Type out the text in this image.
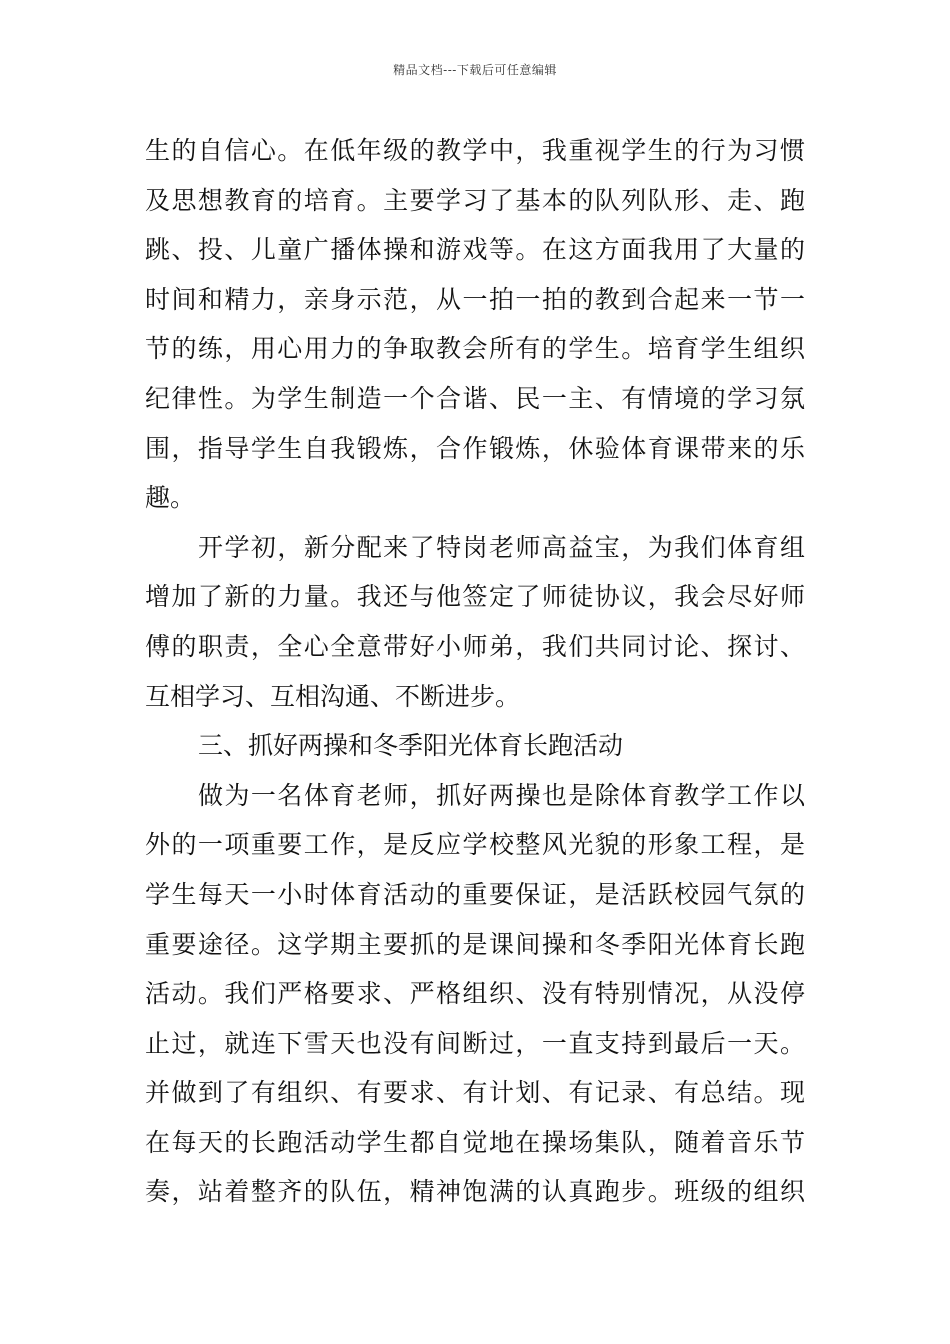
精品文档---下载后可任意编辑
生的自信心。在低年级的教学中，我重视学生的行为习惯
及思想教育的培育。主要学习了基本的队列队形、走、跑
跳、投、儿童广播体操和游戏等。在这方面我用了大量的
时间和精力，亲身示范，从一拍一拍的教到合起来一节一
节的练，用心用力的争取教会所有的学生。培育学生组织
纪律性。为学生制造一个合谐、民一主、有情境的学习氛
围，指导学生自我锻炼，合作锻炼，休验体育课带来的乐
趣。
开学初，新分配来了特岗老师高益宝，为我们体育组
增加了新的力量。我还与他签定了师徒协议，我会尽好师
傅的职责，全心全意带好小师弟，我们共同讨论、探讨、
互相学习、互相沟通、不断进步。
三、抓好两操和冬季阳光体育长跑活动
做为一名体育老师，抓好两操也是除体育教学工作以
外的一项重要工作，是反应学校整风光貌的形象工程，是
学生每天一小时体育活动的重要保证，是活跃校园气氛的
重要途径。这学期主要抓的是课间操和冬季阳光体育长跑
活动。我们严格要求、严格组织、没有特别情况，从没停
止过，就连下雪天也没有间断过，一直支持到最后一天。
并做到了有组织、有要求、有计划、有记录、有总结。现
在每天的长跑活动学生都自觉地在操场集队，随着音乐节
奏，站着整齐的队伍，精神饱满的认真跑步。班级的组织
